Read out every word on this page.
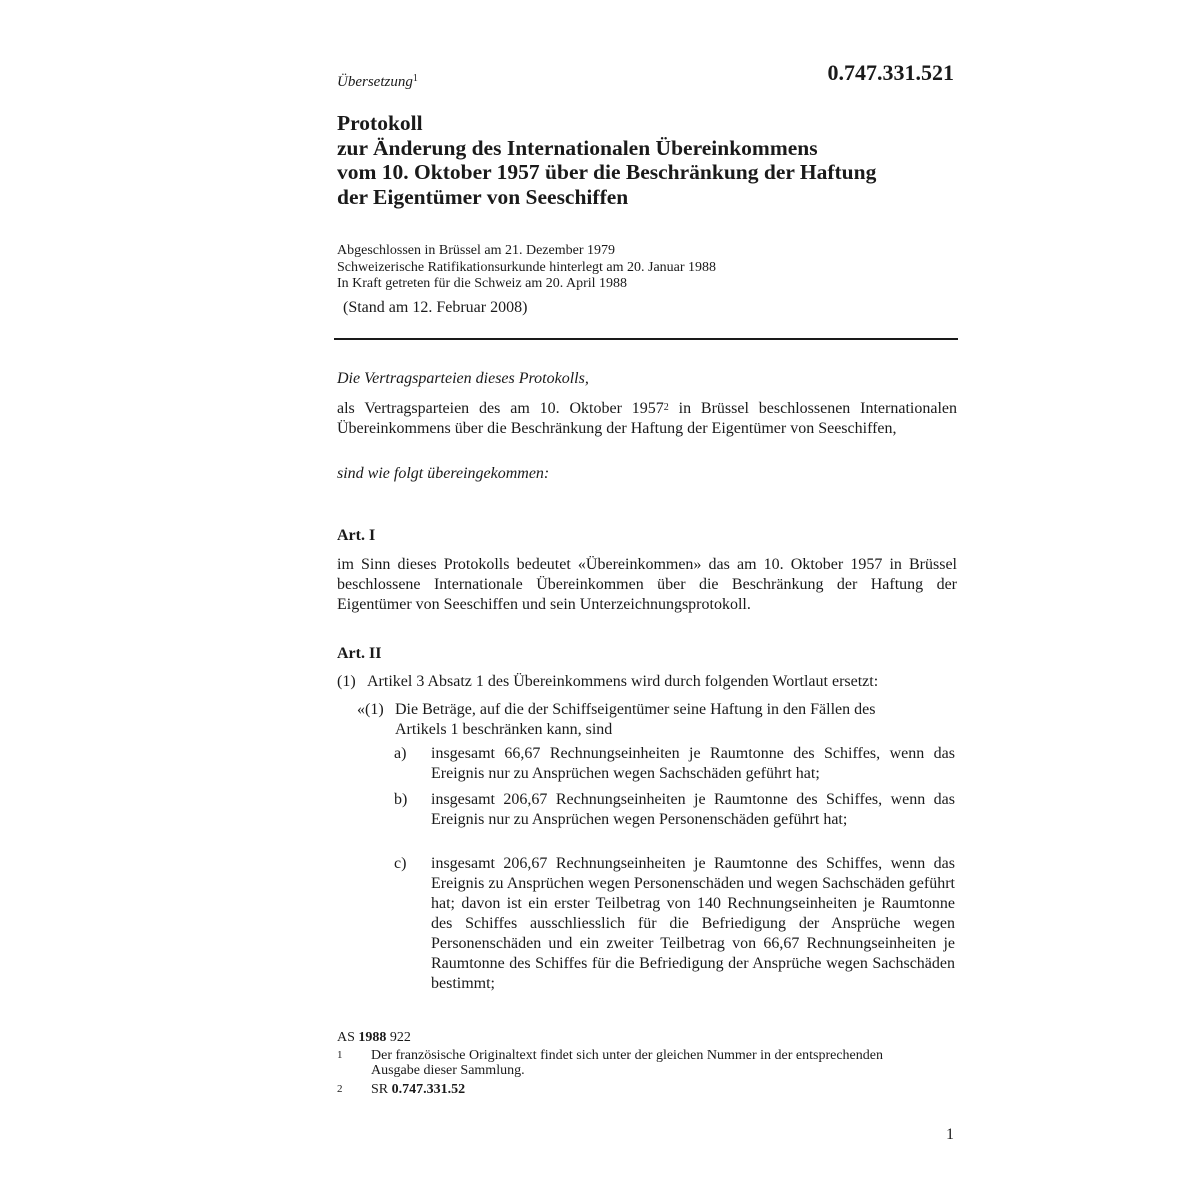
Übersetzung$^1$	0.747.331.521
Protokoll
zur Änderung des Internationalen Übereinkommens
vom 10. Oktober 1957 über die Beschränkung der Haftung
der Eigentümer von Seeschiffen
Abgeschlossen in Brüssel am 21. Dezember 1979
Schweizerische Ratifikationsurkunde hinterlegt am 20. Januar 1988
In Kraft getreten für die Schweiz am 20. April 1988
(Stand am 12. Februar 2008)
Die Vertragsparteien dieses Protokolls,
als Vertragsparteien des am 10. Oktober 1957$^2$ in Brüssel beschlossenen Internationalen Übereinkommens über die Beschränkung der Haftung der Eigentümer von Seeschiffen,
sind wie folgt übereingekommen:
Art. I
im Sinn dieses Protokolls bedeutet «Übereinkommen» das am 10. Oktober 1957 in Brüssel beschlossene Internationale Übereinkommen über die Beschränkung der Haftung der Eigentümer von Seeschiffen und sein Unterzeichnungsprotokoll.
Art. II
(1) Artikel 3 Absatz 1 des Übereinkommens wird durch folgenden Wortlaut ersetzt:
«(1) Die Beträge, auf die der Schiffseigentümer seine Haftung in den Fällen des
Artikels 1 beschränken kann, sind
a) insgesamt 66,67 Rechnungseinheiten je Raumtonne des Schiffes, wenn das Ereignis nur zu Ansprüchen wegen Sachschäden geführt hat;
b) insgesamt 206,67 Rechnungseinheiten je Raumtonne des Schiffes, wenn das Ereignis nur zu Ansprüchen wegen Personenschäden geführt hat;
c) insgesamt 206,67 Rechnungseinheiten je Raumtonne des Schiffes, wenn das Ereignis zu Ansprüchen wegen Personenschäden und wegen Sachschäden geführt hat; davon ist ein erster Teilbetrag von 140 Rechnungseinheiten je Raumtonne des Schiffes ausschliesslich für die Befriedigung der Ansprüche wegen Personenschäden und ein zweiter Teilbetrag von 66,67 Rechnungseinheiten je Raumtonne des Schiffes für die Befriedigung der Ansprüche wegen Sachschäden bestimmt;
AS 1988 922
1 Der französische Originaltext findet sich unter der gleichen Nummer in der entsprechenden Ausgabe dieser Sammlung.
2 SR 0.747.331.52
1
